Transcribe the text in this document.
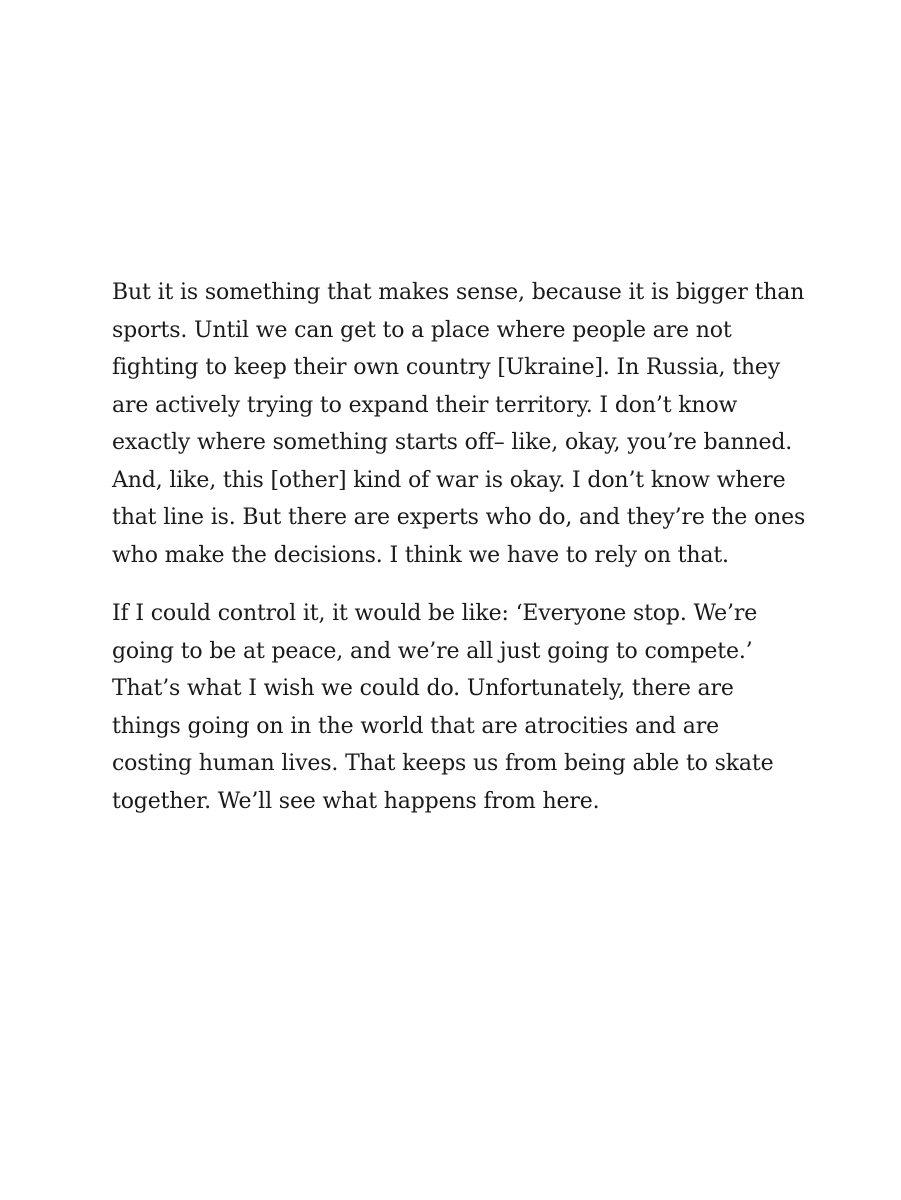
But it is something that makes sense, because it is bigger than
sports. Until we can get to a place where people are not
fighting to keep their own country [Ukraine]. In Russia, they
are actively trying to expand their territory. I don’t know
exactly where something starts off– like, okay, you’re banned.
And, like, this [other] kind of war is okay. I don’t know where
that line is. But there are experts who do, and they’re the ones
who make the decisions. I think we have to rely on that.

If I could control it, it would be like: ‘Everyone stop. We’re
going to be at peace, and we’re all just going to compete.’
That’s what I wish we could do. Unfortunately, there are
things going on in the world that are atrocities and are
costing human lives. That keeps us from being able to skate
together. We’ll see what happens from here.
